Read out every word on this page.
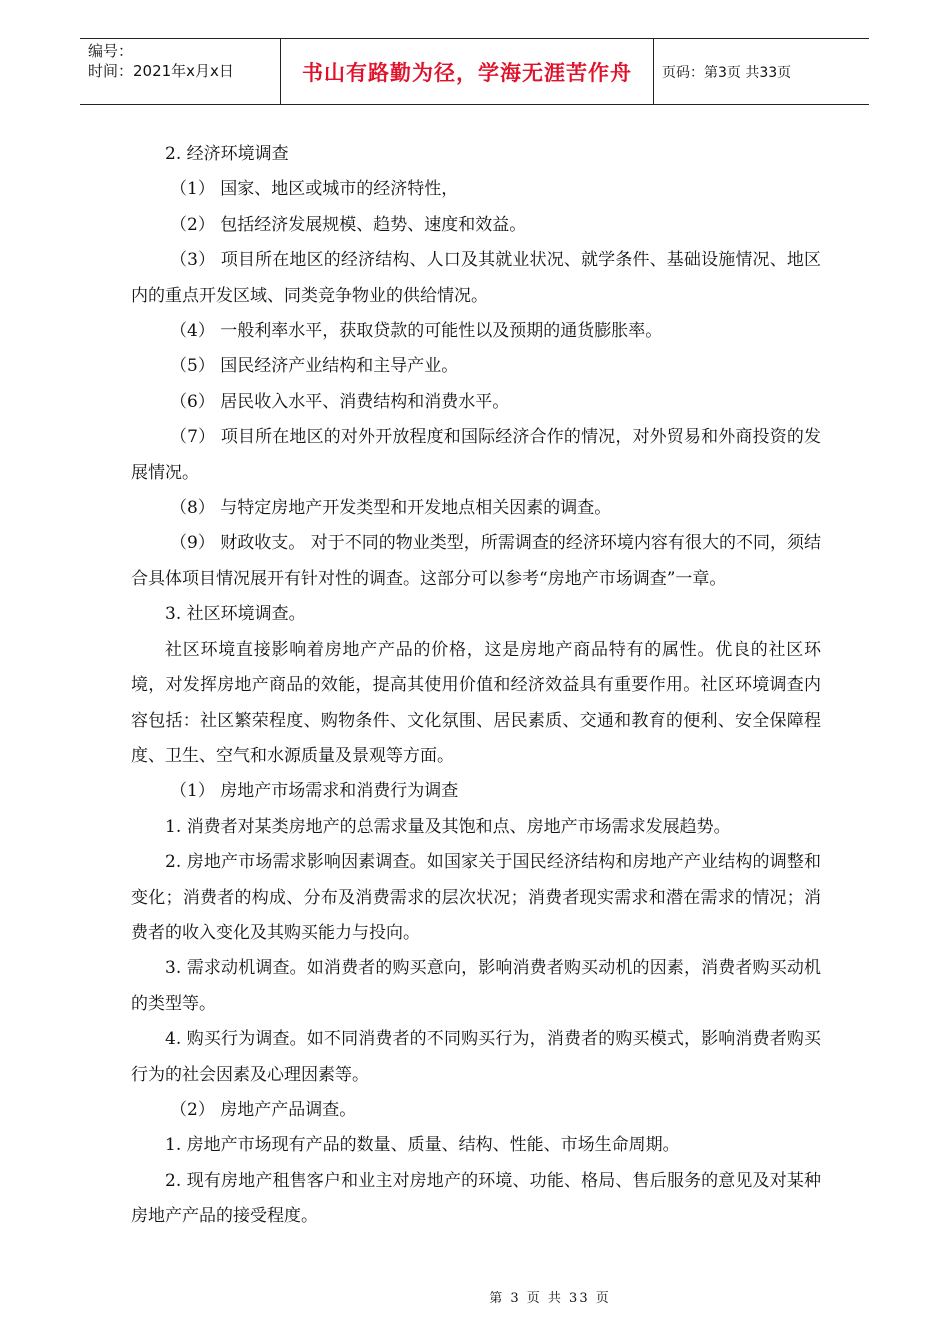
编号：
时间：2021年x月x日	书山有路勤为径，学海无涯苦作舟	页码：第3页 共33页

2. 经济环境调查

（1） 国家、地区或城市的经济特性，

（2） 包括经济发展规模、趋势、速度和效益。

（3） 项目所在地区的经济结构、人口及其就业状况、就学条件、基础设施情况、地区内的重点开发区域、同类竞争物业的供给情况。

（4） 一般利率水平，获取贷款的可能性以及预期的通货膨胀率。

（5） 国民经济产业结构和主导产业。

（6） 居民收入水平、消费结构和消费水平。

（7） 项目所在地区的对外开放程度和国际经济合作的情况，对外贸易和外商投资的发展情况。

（8） 与特定房地产开发类型和开发地点相关因素的调查。

（9） 财政收支。 对于不同的物业类型，所需调查的经济环境内容有很大的不同，须结合具体项目情况展开有针对性的调查。这部分可以参考“房地产市场调查”一章。

3. 社区环境调查。

社区环境直接影响着房地产产品的价格，这是房地产商品特有的属性。优良的社区环境，对发挥房地产商品的效能，提高其使用价值和经济效益具有重要作用。社区环境调查内容包括：社区繁荣程度、购物条件、文化氛围、居民素质、交通和教育的便利、安全保障程度、卫生、空气和水源质量及景观等方面。

（1） 房地产市场需求和消费行为调查

1. 消费者对某类房地产的总需求量及其饱和点、房地产市场需求发展趋势。

2. 房地产市场需求影响因素调查。如国家关于国民经济结构和房地产产业结构的调整和变化；消费者的构成、分布及消费需求的层次状况；消费者现实需求和潜在需求的情况；消费者的收入变化及其购买能力与投向。

3. 需求动机调查。如消费者的购买意向，影响消费者购买动机的因素，消费者购买动机的类型等。

4. 购买行为调查。如不同消费者的不同购买行为，消费者的购买模式，影响消费者购买行为的社会因素及心理因素等。

（2） 房地产产品调查。

1. 房地产市场现有产品的数量、质量、结构、性能、市场生命周期。

2. 现有房地产租售客户和业主对房地产的环境、功能、格局、售后服务的意见及对某种房地产产品的接受程度。

第 3 页 共 33 页
